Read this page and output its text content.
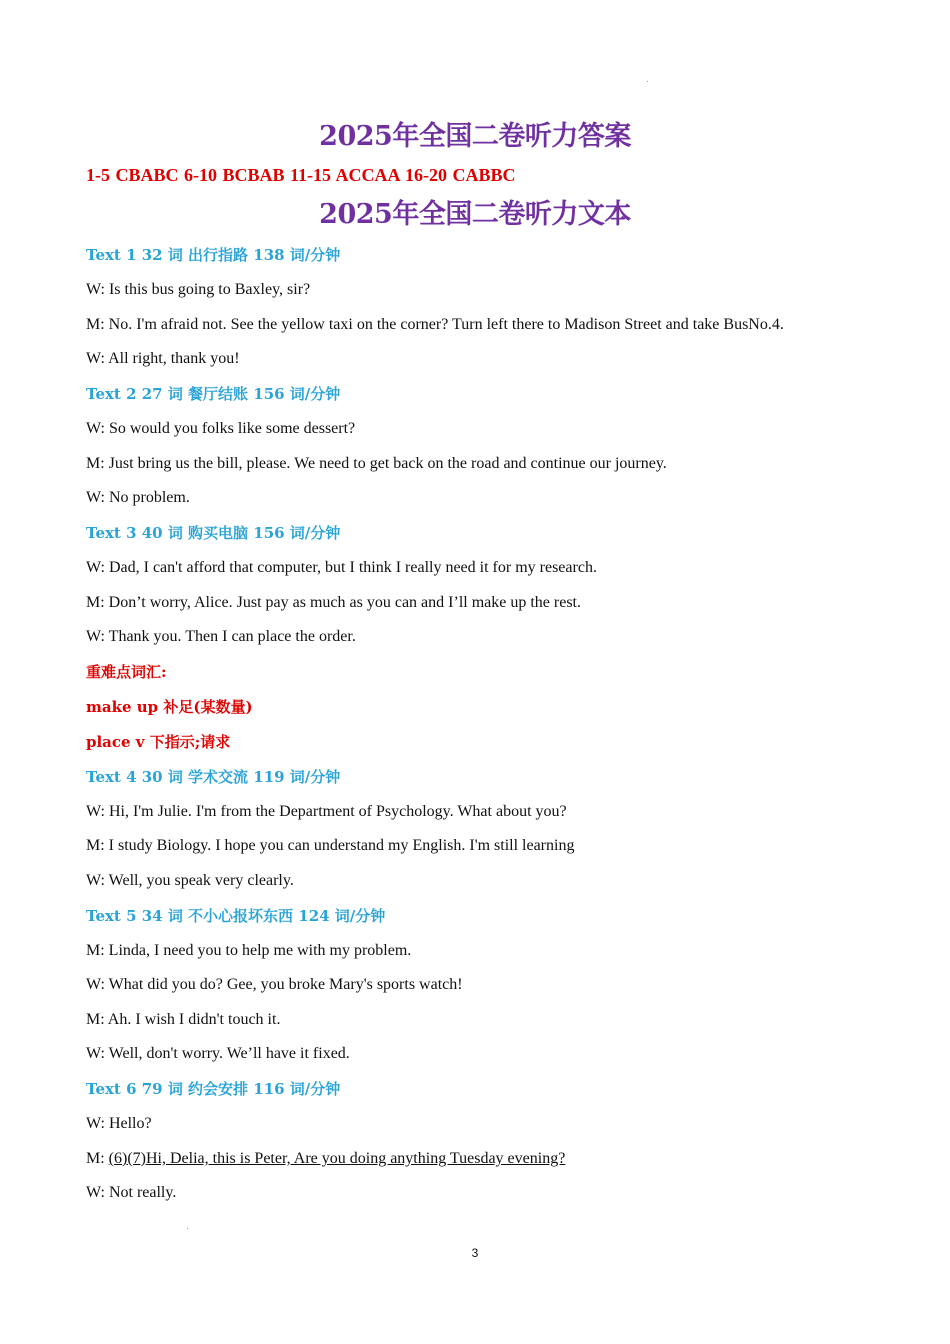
2025年全国二卷听力答案
1-5 CBABC 6-10 BCBAB 11-15 ACCAA 16-20 CABBC
2025年全国二卷听力文本
Text 1 32 词 出行指路 138 词/分钟
W: Is this bus going to Baxley, sir?
M: No. I'm afraid not. See the yellow taxi on the corner? Turn left there to Madison Street and take BusNo.4.
W: All right, thank you!
Text 2 27 词 餐厅结账 156 词/分钟
W: So would you folks like some dessert?
M: Just bring us the bill, please. We need to get back on the road and continue our journey.
W: No problem.
Text 3 40 词 购买电脑 156 词/分钟
W: Dad, I can't afford that computer, but I think I really need it for my research.
M: Don’t worry, Alice. Just pay as much as you can and I’ll make up the rest.
W: Thank you. Then I can place the order.
重难点词汇:
make up 补足(某数量)
place v 下指示;请求
Text 4 30 词 学术交流 119 词/分钟
W: Hi, I'm Julie. I'm from the Department of Psychology. What about you?
M: I study Biology. I hope you can understand my English. I'm still learning
W: Well, you speak very clearly.
Text 5 34 词 不小心报坏东西 124 词/分钟
M: Linda, I need you to help me with my problem.
W: What did you do? Gee, you broke Mary's sports watch!
M: Ah. I wish I didn't touch it.
W: Well, don't worry. We’ll have it fixed.
Text 6 79 词 约会安排 116 词/分钟
W: Hello?
M: (6)(7)Hi, Delia, this is Peter, Are you doing anything Tuesday evening?
W: Not really.
3
